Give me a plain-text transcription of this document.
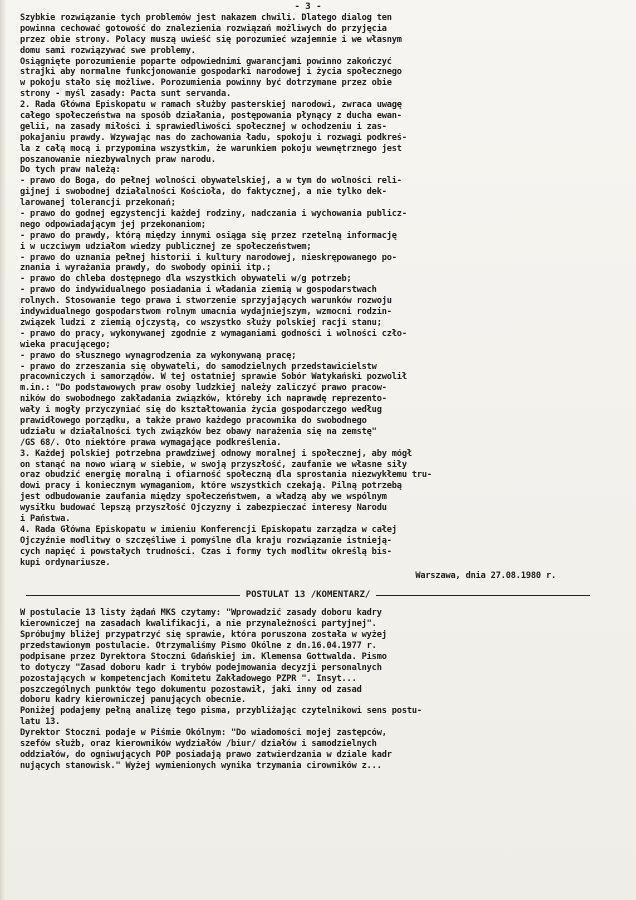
- 3 -
Szybkie rozwiązanie tych problemów jest nakazem chwili. Dlatego dialog ten
powinna cechować gotowość do znalezienia rozwiązań możliwych do przyjęcia
przez obie strony. Polacy muszą uwieść się porozumieć wzajemnie i we własnym
domu sami rozwiązywać swe problemy.
Osiągnięte porozumienie poparte odpowiednimi gwarancjami powinno zakończyć
strajki aby normalne funkcjonowanie gospodarki narodowej i życia społecznego
w pokoju stało się możliwe. Porozumienia powinny być dotrzymane przez obie
strony - myśl zasady: Pacta sunt servanda.
2. Rada Główna Episkopatu w ramach służby pasterskiej narodowi, zwraca uwagę
całego społeczeństwa na sposób działania, postępowania płynący z ducha ewan-
gelii, na zasady miłości i sprawiedliwości społecznej w ochodzeniu i zas-
pokajaniu prawdy. Wzywając nas do zachowania ładu, spokoju i rozwagi podkreś-
la z całą mocą i przypomina wszystkim, że warunkiem pokoju wewnętrznego jest
poszanowanie niezbywalnych praw narodu.
Do tych praw należą:
- prawo do Boga, do pełnej wolności obywatelskiej, a w tym do wolności reli-
gijnej i swobodnej działalności Kościoła, do faktycznej, a nie tylko dek-
larowanej tolerancji przekonań;
- prawo do godnej egzystencji każdej rodziny, nadczania i wychowania publicz-
nego odpowiadającym jej przekonaniom;
- prawo do prawdy, którą między innymi osiąga się przez rzetelną informację
i w uczciwym udziałom wiedzy publicznej ze społeczeństwem;
- prawo do uznania pełnej historii i kultury narodowej, nieskrępowanego po-
znania i wyrażania prawdy, do swobody opinii itp.;
- prawo do chleba dostępnego dla wszystkich obywateli w/g potrzeb;
- prawo do indywidualnego posiadania i władania ziemią w gospodarstwach
rolnych. Stosowanie tego prawa i stworzenie sprzyjających warunków rozwoju
indywidualnego gospodarstwom rolnym umacnia wydajniejszym, wzmocni rodzin-
związek ludzi z ziemią ojczystą, co wszystko służy polskiej racji stanu;
- prawo do pracy, wykonywanej zgodnie z wymaganiami godności i wolności czło-
wieka pracującego;
- prawo do słusznego wynagrodzenia za wykonywaną pracę;
- prawo do zrzeszania się obywateli, do samodzielnych przedstawicielstw
pracowniczych i samorządów. W tej ostatniej sprawie Sobór Watykański pozwolił
m.in.: "Do podstawowych praw osoby ludzkiej należy zaliczyć prawo pracow-
ników do swobodnego zakładania związków, któreby ich naprawdę reprezento-
wały i mogły przyczyniać się do kształtowania życia gospodarczego według
prawidłowego porządku, a także prawo każdego pracownika do swobodnego
udziału w działalności tych związków bez obawy narażenia się na zemstę"
/GS 68/. Oto niektóre prawa wymagające podkreślenia.
3. Każdej polskiej potrzebna prawdziwej odnowy moralnej i społecznej, aby mógł
on stanąć na nowo wiarą w siebie, w swoją przyszłość, zaufanie we własne siły
oraz obudzić energię moralną i ofiarność społeczną dla sprostania niezwykłemu tru-
dowi pracy i koniecznym wymaganiom, które wszystkich czekają. Pilną potrzebą
jest odbudowanie zaufania między społeczeństwem, a władzą aby we wspólnym
wysiłku budować lepszą przyszłość Ojczyzny i zabezpieczać interesy Narodu
i Państwa.
4. Rada Główna Episkopatu w imieniu Konferencji Episkopatu zarządza w całej
Ojczyźnie modlitwy o szczęśliwe i pomyślne dla kraju rozwiązanie istnieją-
cych napięć i powstałych trudności. Czas i formy tych modlitw określą bis-
kupi ordynariusze.
Warszawa, dnia 27.08.1980 r.
POSTULAT 13 /KOMENTARZ/
W postulacie 13 listy żądań MKS czytamy: "Wprowadzić zasady doboru kadry
kierowniczej na zasadach kwalifikacji, a nie przynależności partyjnej".
Spróbujmy bliżej przypatrzyć się sprawie, która poruszona została w wyżej
przedstawionym postulacie. Otrzymaliśmy Pismo Okólne z dn.16.04.1977 r.
podpisane przez Dyrektora Stoczni Gdańskiej im. Klemensa Gottwalda. Pismo
to dotyczy "Zasad doboru kadr i trybów podejmowania decyzji personalnych
pozostających w kompetencjach Komitetu Zakładowego PZPR ". Insyt...
poszczególnych punktów tego dokumentu pozostawił, jaki inny od zasad
doboru kadry kierowniczej panujących obecnie.
Poniżej podajemy pełną analizę tego pisma, przybliżając czytelnikowi sens postu-
latu 13.
Dyrektor Stoczni podaje w Piśmie Okólnym: "Do wiadomości mojej zastępców,
szefów służb, oraz kierowników wydziałów /biur/ działów i samodzielnych
oddziałów, do ogniwujących POP posiadają prawo zatwierdzania w dziale kadr
nujących stanowisk." Wyżej wymienionych wynika trzymania cirowników z...
